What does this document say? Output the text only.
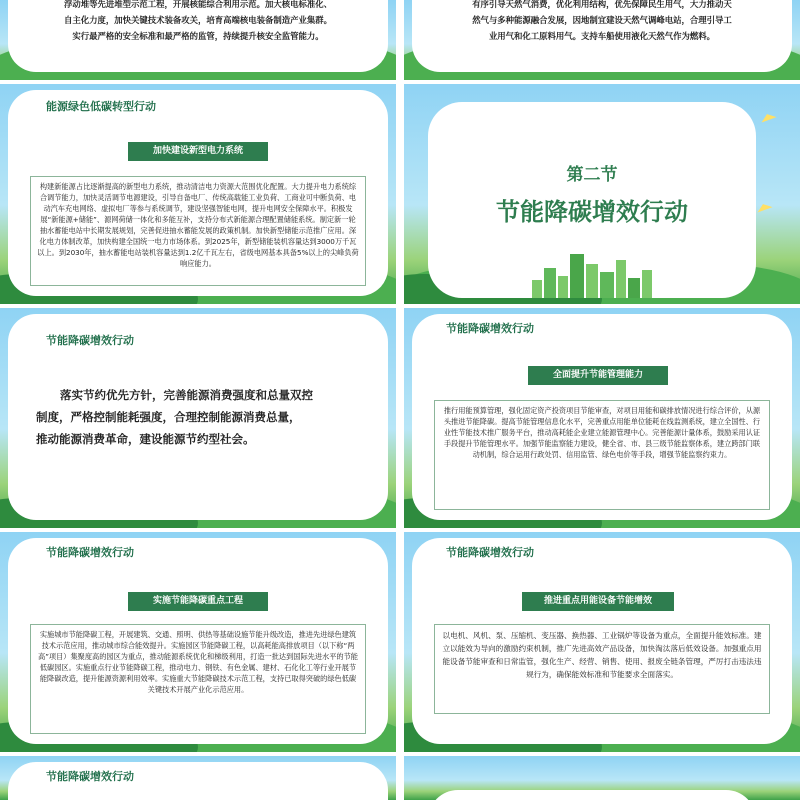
浮动堆等先进堆型示范工程，开展核能综合利用示范。加大核电标准化、
自主化力度，加快关键技术装备攻关，培育高端核电装备制造产业集群。
实行最严格的安全标准和最严格的监管，持续提升核安全监管能力。
有序引导天然气消费，优化利用结构，优先保障民生用气，大力推动天
然气与多种能源融合发展，因地制宜建设天然气调峰电站，合理引导工
业用气和化工原料用气。支持车船使用液化天然气作为燃料。
能源绿色低碳转型行动
加快建设新型电力系统
构建新能源占比逐渐提高的新型电力系统，推动清洁电力资源大范围优化配置。大力提升电力系统综合调节能力，加快灵活调节电源建设，引导自备电厂、传统高载能工业负荷、工商业可中断负荷、电动汽车充电网络、虚拟电厂等参与系统调节，建设坚强智能电网，提升电网安全保障水平。积极发展“新能源+储能”、源网荷储一体化和多能互补，支持分布式新能源合理配置储能系统。制定新一轮抽水蓄能电站中长期发展规划，完善促进抽水蓄能发展的政策机制。加快新型储能示范推广应用。深化电力体制改革，加快构建全国统一电力市场体系。到2025年，新型储能装机容量达到3000万千瓦以上。到2030年，抽水蓄能电站装机容量达到1.2亿千瓦左右，省级电网基本具备5%以上的尖峰负荷响应能力。
第二节
节能降碳增效行动
节能降碳增效行动
落实节约优先方针，完善能源消费强度和总量双控
制度，严格控制能耗强度，合理控制能源消费总量，
推动能源消费革命，建设能源节约型社会。
节能降碳增效行动
全面提升节能管理能力
推行用能预算管理，强化固定资产投资项目节能审查，对项目用能和碳排放情况进行综合评价，从源头推进节能降碳。提高节能管理信息化水平，完善重点用能单位能耗在线监测系统，建立全国性、行业性节能技术推广服务平台，推动高耗能企业建立能源管理中心。完善能源计量体系，鼓励采用认证手段提升节能管理水平。加强节能监察能力建设，健全省、市、县三级节能监察体系，建立跨部门联动机制，综合运用行政处罚、信用监管、绿色电价等手段，增强节能监察约束力。
节能降碳增效行动
实施节能降碳重点工程
实施城市节能降碳工程，开展建筑、交通、照明、供热等基础设施节能升级改造，推进先进绿色建筑技术示范应用，推动城市综合能效提升。实施园区节能降碳工程，以高耗能高排放项目（以下称“两高”项目）集聚度高的园区为重点，推动能源系统优化和梯级利用，打造一批达到国际先进水平的节能低碳园区。实施重点行业节能降碳工程，推动电力、钢铁、有色金属、建材、石化化工等行业开展节能降碳改造，提升能源资源利用效率。实施重大节能降碳技术示范工程，支持已取得突破的绿色低碳关键技术开展产业化示范应用。
节能降碳增效行动
推进重点用能设备节能增效
以电机、风机、泵、压缩机、变压器、换热器、工业锅炉等设备为重点，全面提升能效标准。建立以能效为导向的激励约束机制，推广先进高效产品设备，加快淘汰落后低效设备。加强重点用能设备节能审查和日常监管，强化生产、经营、销售、使用、报废全链条管理，严厉打击违法违规行为，确保能效标准和节能要求全面落实。
节能降碳增效行动
